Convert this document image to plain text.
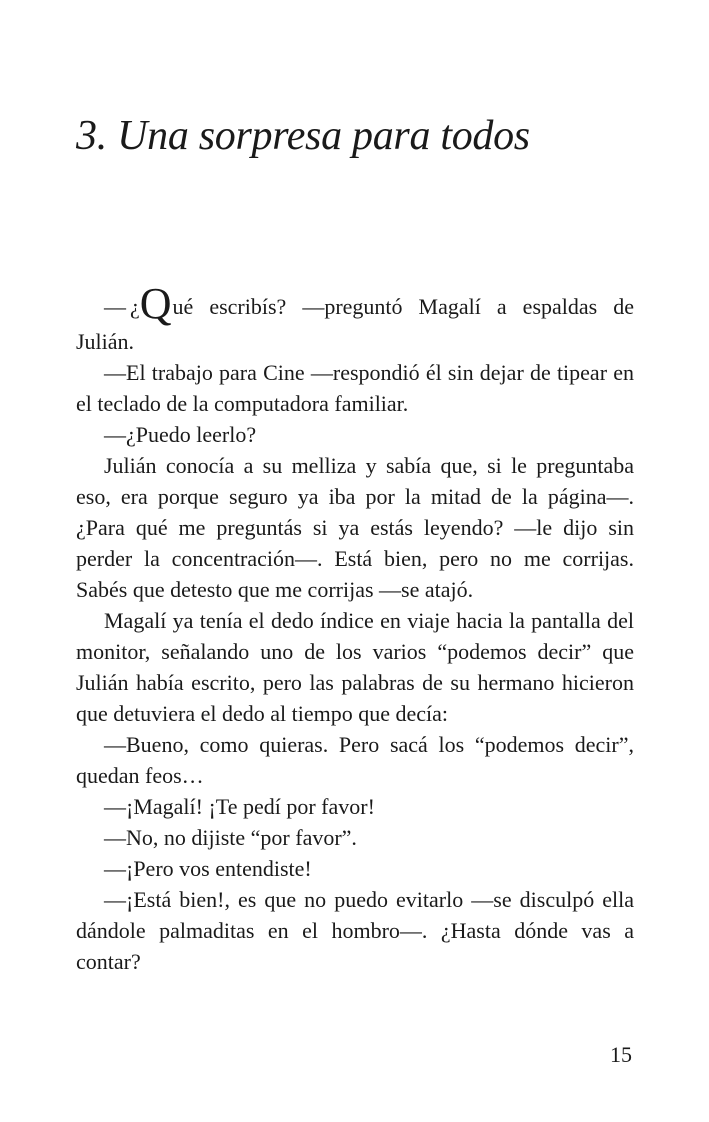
3. Una sorpresa para todos

— ¿Qué escribís? —preguntó Magalí a espaldas de Julián.

—El trabajo para Cine —respondió él sin dejar de tipear en el teclado de la computadora familiar.

—¿Puedo leerlo?

Julián conocía a su melliza y sabía que, si le preguntaba eso, era porque seguro ya iba por la mitad de la página—. ¿Para qué me preguntás si ya estás leyendo? —le dijo sin perder la concentración—. Está bien, pero no me corrijas. Sabés que detesto que me corrijas —se atajó.

Magalí ya tenía el dedo índice en viaje hacia la pantalla del monitor, señalando uno de los varios “podemos decir” que Julián había escrito, pero las palabras de su hermano hicieron que detuviera el dedo al tiempo que decía:

—Bueno, como quieras. Pero sacá los “podemos decir”, quedan feos…

—¡Magalí! ¡Te pedí por favor!

—No, no dijiste “por favor”.

—¡Pero vos entendiste!

—¡Está bien!, es que no puedo evitarlo —se disculpó ella dándole palmaditas en el hombro—. ¿Hasta dónde vas a contar?

15
